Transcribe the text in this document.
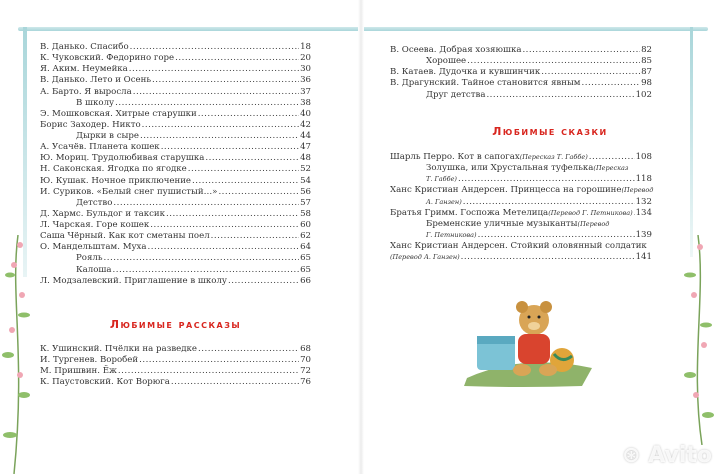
В. Данько. Спасибо .....	18
К. Чуковский. Федорино горе .....	20
Я. Аким. Неумейка .....	30
В. Данько. Лето и Осень .....	36
А. Барто. Я выросла .....	37
В школу .....	38
Э. Мошковская. Хитрые старушки .....	40
Борис Заходер. Никто .....	42
Дырки в сыре .....	44
А. Усачёв. Планета кошек .....	47
Ю. Мориц. Трудолюбивая старушка .....	48
Н. Саконская. Ягодка по ягодке .....	52
Ю. Кушак. Ночное приключение .....	54
И. Суриков. «Белый снег пушистый…» .....	56
Детство .....	57
Д. Хармс. Бульдог и таксик .....	58
Л. Чарская. Горе кошек .....	60
Саша Чёрный. Как кот сметаны поел .....	62
О. Мандельштам. Муха .....	64
Рояль .....	65
Калоша .....	65
Л. Модзалевский. Приглашение в школу .....	66
Любимые рассказы
К. Ушинский. Пчёлки на разведке .....	68
И. Тургенев. Воробей .....	70
М. Пришвин. Ёж .....	72
К. Паустовский. Кот Ворюга .....	76
В. Осеева. Добрая хозяюшка .....	82
Хорошее .....	85
В. Катаев. Дудочка и кувшинчик .....	87
В. Драгунский. Тайное становится явным .....	98
Друг детства .....	102
Любимые сказки
Шарль Перро. Кот в сапогах (Пересказ Т. Габбе) .....	108
Золушка, или Хрустальная туфелька (Пересказ
Т. Габбе) .....	118
Ханс Кристиан Андерсен. Принцесса на горошине (Перевод
А. Ганзен) .....	132
Братья Гримм. Госпожа Метелица (Перевод Г. Петникова) ..... 134
Бременские уличные музыканты (Перевод
Г. Петникова) .....	139
Ханс Кристиан Андерсен. Стойкий оловянный солдатик
(Перевод А. Ганзен) .....	141
⊛ Avito
